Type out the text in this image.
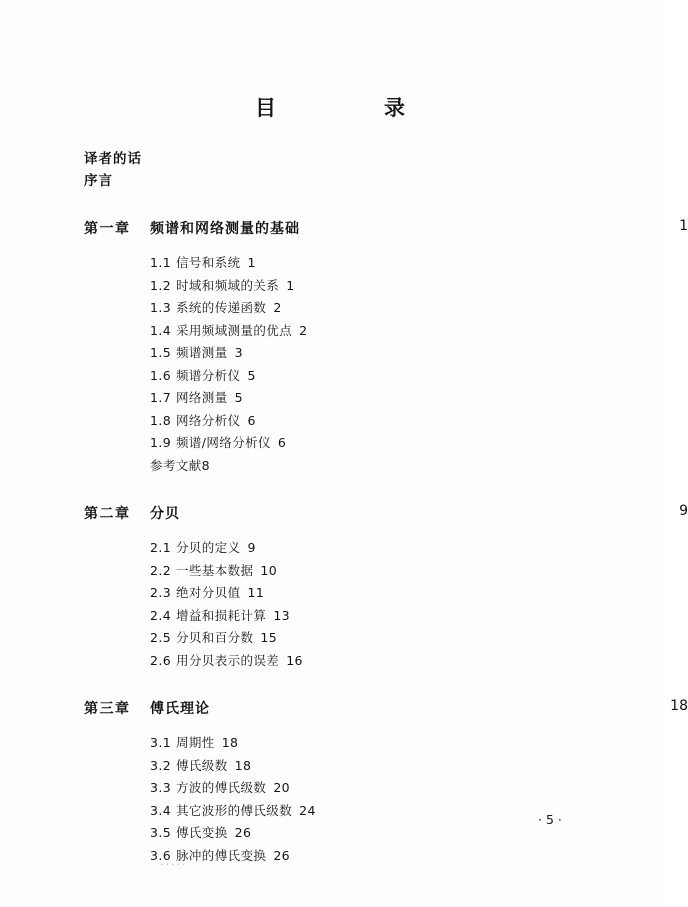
目　　录
译者的话
序言
第一章 频谱和网络测量的基础	1
1.1 信号和系统 1
1.2 时域和频域的关系 1
1.3 系统的传递函数 2
1.4 采用频域测量的优点 2
1.5 频谱测量 3
1.6 频谱分析仪 5
1.7 网络测量 5
1.8 网络分析仪 6
1.9 频谱/网络分析仪 6
参考文献8
第二章 分贝	9
2.1 分贝的定义 9
2.2 一些基本数据 10
2.3 绝对分贝值 11
2.4 增益和损耗计算 13
2.5 分贝和百分数 15
2.6 用分贝表示的误差 16
第三章 傅氏理论	18
3.1 周期性 18
3.2 傅氏级数 18
3.3 方波的傅氏级数 20
3.4 其它波形的傅氏级数 24
3.5 傅氏变换 26
3.6 脉冲的傅氏变换 26
· 5 ·
.....
